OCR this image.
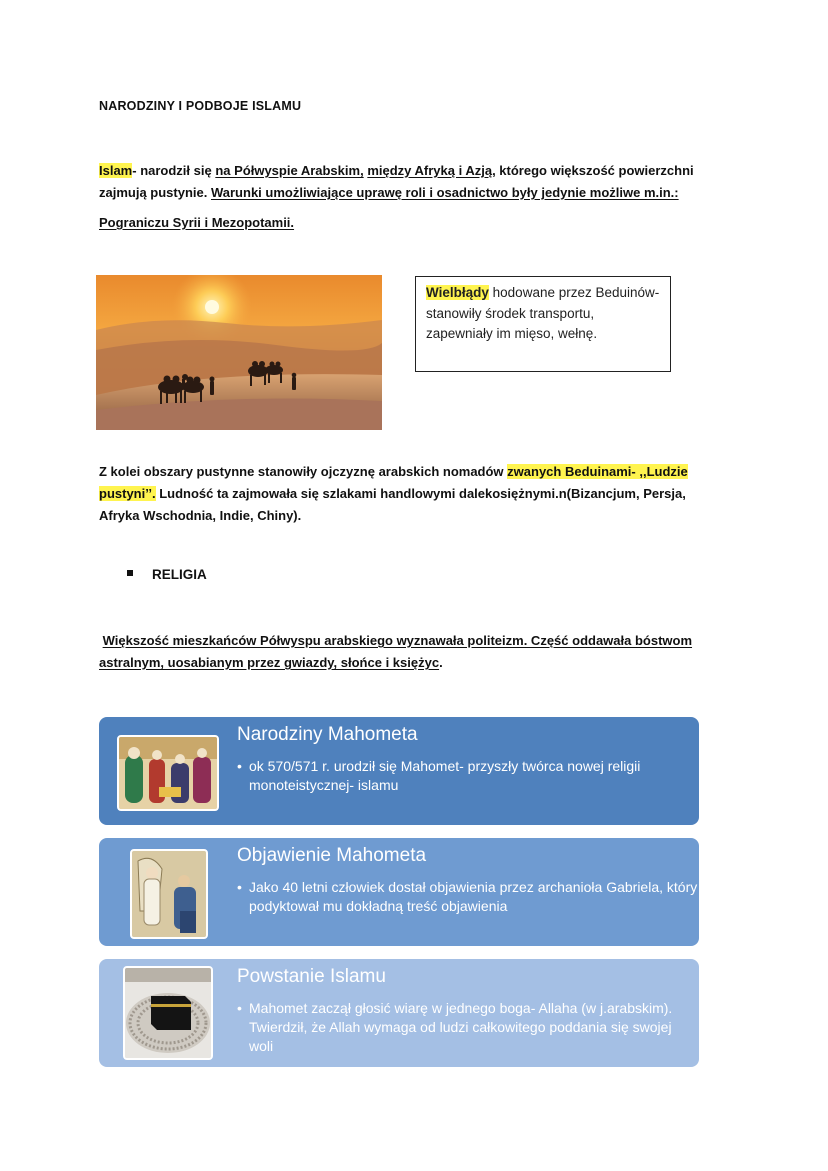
NARODZINY I PODBOJE ISLAMU
Islam- narodził się na Półwyspie Arabskim, między Afryką i Azją, którego większość powierzchni zajmują pustynie. Warunki umożliwiające uprawę roli i osadnictwo były jedynie możliwe m.in.:
Pograniczu Syrii i Mezopotamii.
Wielbłądy hodowane przez Beduinów- stanowiły środek transportu, zapewniały im mięso, wełnę.
Z kolei obszary pustynne stanowiły ojczyznę arabskich nomadów zwanych Beduinami- ,,Ludzie pustyni’’. Ludność ta zajmowała się szlakami handlowymi dalekosiężnymi.n(Bizancjum, Persja, Afryka Wschodnia, Indie, Chiny).
RELIGIA
Większość mieszkańców Półwyspu arabskiego wyznawała politeizm. Część oddawała bóstwom astralnym, uosabianym przez gwiazdy, słońce i księżyc.
Narodziny Mahometa
• ok 570/571 r. urodził się Mahomet- przyszły twórca nowej religii monoteistycznej- islamu
Objawienie Mahometa
• Jako 40 letni człowiek dostał objawienia przez archanioła Gabriela, który podyktował mu dokładną treść objawienia
Powstanie Islamu
• Mahomet zaczął głosić wiarę w jednego boga- Allaha (w j.arabskim). Twierdził, że Allah wymaga od ludzi całkowitego poddania się swojej woli
